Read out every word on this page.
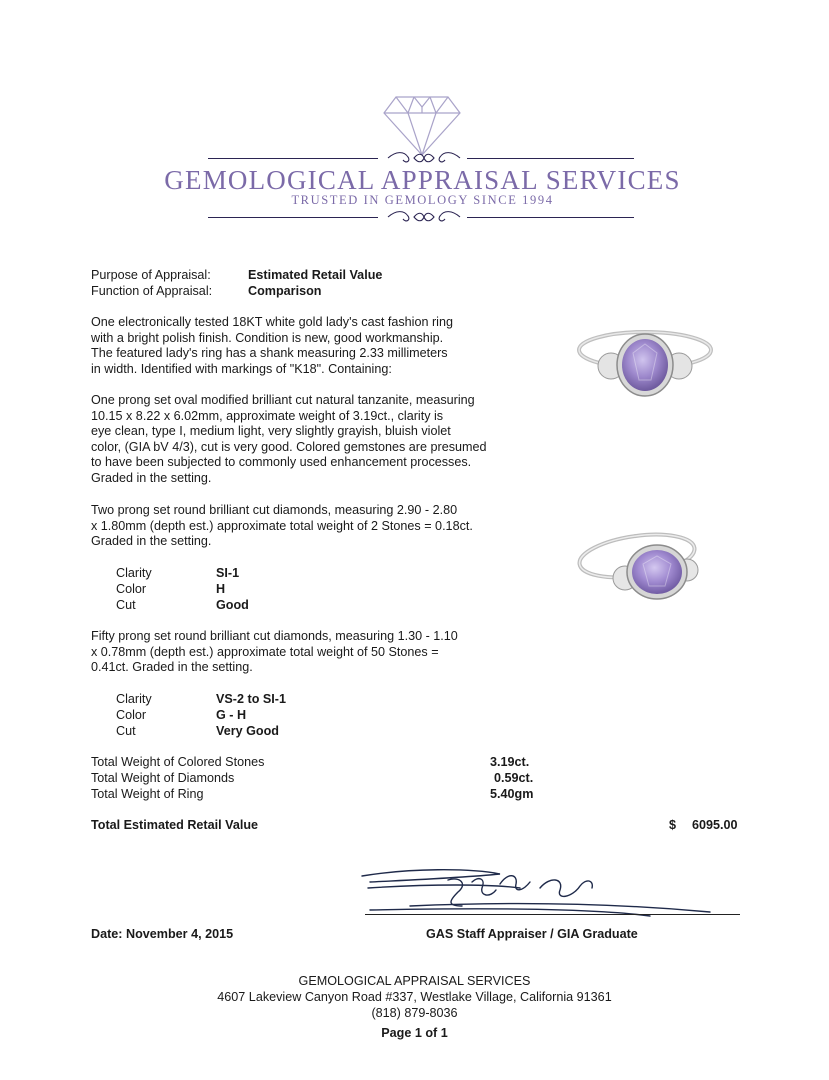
GEMOLOGICAL APPRAISAL SERVICES
TRUSTED IN GEMOLOGY SINCE 1994
Purpose of Appraisal:	Estimated Retail Value
Function of Appraisal:	Comparison
One electronically tested 18KT white gold lady's cast fashion ring
with a bright polish finish. Condition is new, good workmanship.
The featured lady's ring has a shank measuring 2.33 millimeters
in width. Identified with markings of "K18". Containing:
One prong set oval modified brilliant cut natural tanzanite, measuring
10.15 x 8.22 x 6.02mm, approximate weight of 3.19ct., clarity is
eye clean, type I, medium light, very slightly grayish, bluish violet
color, (GIA bV 4/3), cut is very good. Colored gemstones are presumed
to have been subjected to commonly used enhancement processes.
Graded in the setting.
Two prong set round brilliant cut diamonds, measuring 2.90 - 2.80
x 1.80mm (depth est.) approximate total weight of 2 Stones = 0.18ct.
Graded in the setting.
Clarity	SI-1
Color	H
Cut	Good
Fifty prong set round brilliant cut diamonds, measuring 1.30 - 1.10
x 0.78mm (depth est.) approximate total weight of 50 Stones =
0.41ct. Graded in the setting.
Clarity	VS-2 to SI-1
Color	G - H
Cut	Very Good
Total Weight of Colored Stones	3.19ct.
Total Weight of Diamonds	0.59ct.
Total Weight of Ring	5.40gm
Total Estimated Retail Value	$ 6095.00
Date: November 4, 2015	GAS Staff Appraiser / GIA Graduate
GEMOLOGICAL APPRAISAL SERVICES
4607 Lakeview Canyon Road #337, Westlake Village, California 91361
(818) 879-8036
Page 1 of 1
